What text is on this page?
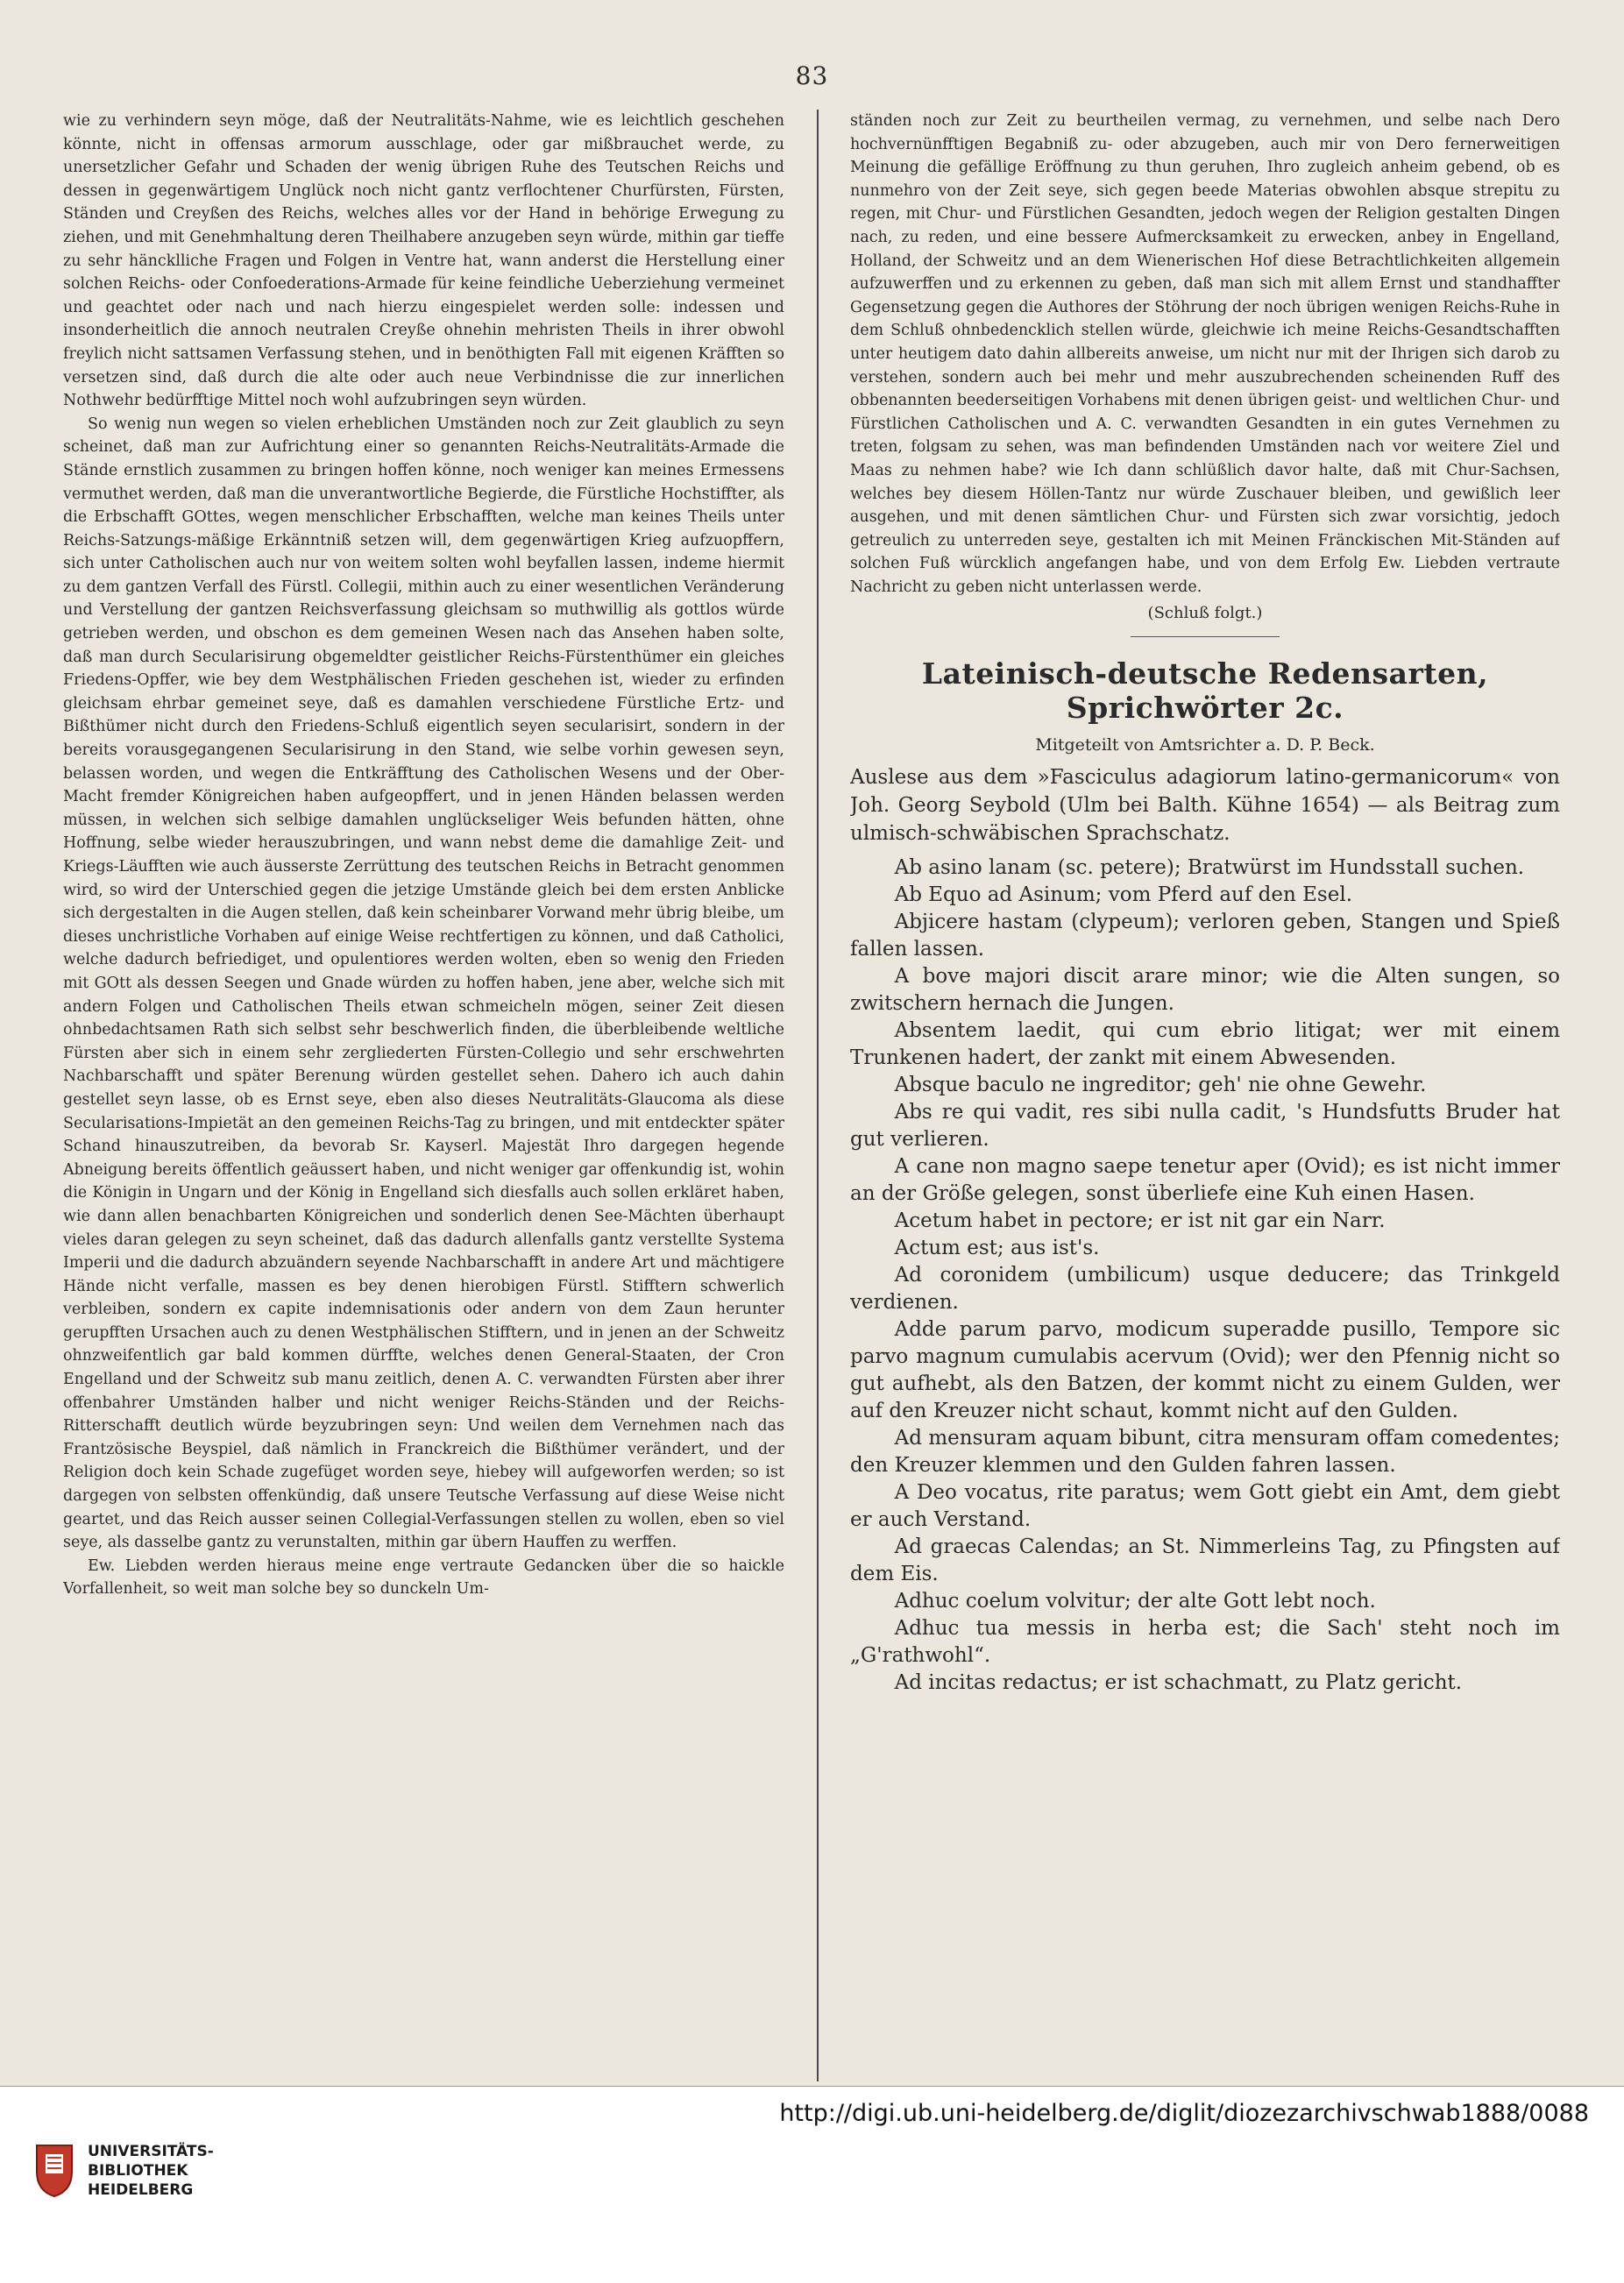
83

wie zu verhindern seyn möge, daß der Neutralitäts-Nahme, wie es leichtlich geschehen könnte, nicht in offensas armorum ausschlage, oder gar mißbrauchet werde, zu unersetzlicher Gefahr und Schaden der wenig übrigen Ruhe des Teutschen Reichs und dessen in gegenwärtigem Unglück noch nicht gantz verflochtener Churfürsten, Fürsten, Ständen und Creyßen des Reichs, welches alles vor der Hand in behörige Erwegung zu ziehen, und mit Genehmhaltung deren Theilhabere anzugeben seyn würde, mithin gar tieffe zu sehr häncklliche Fragen und Folgen in Ventre hat, wann anderst die Herstellung einer solchen Reichs- oder Confoederations-Armade für keine feindliche Ueberziehung vermeinet und geachtet oder nach und nach hierzu eingespielet werden solle: indessen und insonderheitlich die annoch neutralen Creyße ohnehin mehristen Theils in ihrer obwohl freylich nicht sattsamen Verfassung stehen, und in benöthigten Fall mit eigenen Kräfften so versetzen sind, daß durch die alte oder auch neue Verbindnisse die zur innerlichen Nothwehr bedürfftige Mittel noch wohl aufzubringen seyn würden.

So wenig nun wegen so vielen erheblichen Umständen noch zur Zeit glaublich zu seyn scheinet, daß man zur Aufrichtung einer so genannten Reichs-Neutralitäts-Armade die Stände ernstlich zusammen zu bringen hoffen könne, noch weniger kan meines Ermessens vermuthet werden, daß man die unverantwortliche Begierde, die Fürstliche Hochstiffter, als die Erbschafft GOttes, wegen menschlicher Erbschafften, welche man keines Theils unter Reichs-Satzungs-mäßige Erkänntniß setzen will, dem gegenwärtigen Krieg aufzuopffern, sich unter Catholischen auch nur von weitem solten wohl beyfallen lassen, indeme hiermit zu dem gantzen Verfall des Fürstl. Collegii, mithin auch zu einer wesentlichen Veränderung und Verstellung der gantzen Reichsverfassung gleichsam so muthwillig als gottlos würde getrieben werden, und obschon es dem gemeinen Wesen nach das Ansehen haben solte, daß man durch Secularisirung obgemeldter geistlicher Reichs-Fürstenthümer ein gleiches Friedens-Opffer, wie bey dem Westphälischen Frieden geschehen ist, wieder zu erfinden gleichsam ehrbar gemeinet seye, daß es damahlen verschiedene Fürstliche Ertz- und Bißthümer nicht durch den Friedens-Schluß eigentlich seyen secularisirt, sondern in der bereits vorausgegangenen Secularisirung in den Stand, wie selbe vorhin gewesen seyn, belassen worden, und wegen die Entkräfftung des Catholischen Wesens und der Ober-Macht fremder Königreichen haben aufgeopffert, und in jenen Händen belassen werden müssen, in welchen sich selbige damahlen unglückseliger Weis befunden hätten, ohne Hoffnung, selbe wieder herauszubringen, und wann nebst deme die damahlige Zeit- und Kriegs-Läufften wie auch äusserste Zerrüttung des teutschen Reichs in Betracht genommen wird, so wird der Unterschied gegen die jetzige Umstände gleich bei dem ersten Anblicke sich dergestalten in die Augen stellen, daß kein scheinbarer Vorwand mehr übrig bleibe, um dieses unchristliche Vorhaben auf einige Weise rechtfertigen zu können, und daß Catholici, welche dadurch befriediget, und opulentiores werden wolten, eben so wenig den Frieden mit GOtt als dessen Seegen und Gnade würden zu hoffen haben, jene aber, welche sich mit andern Folgen und Catholischen Theils etwan schmeicheln mögen, seiner Zeit diesen ohnbedachtsamen Rath sich selbst sehr beschwerlich finden, die überbleibende weltliche Fürsten aber sich in einem sehr zergliederten Fürsten-Collegio und sehr erschwehrten Nachbarschafft und später Berenung würden gestellet sehen. Dahero ich auch dahin gestellet seyn lasse, ob es Ernst seye, eben also dieses Neutralitäts-Glaucoma als diese Secularisations-Impietät an den gemeinen Reichs-Tag zu bringen, und mit entdeckter später Schand hinauszutreiben, da bevorab Sr. Kayserl. Majestät Ihro dargegen hegende Abneigung bereits öffentlich geäussert haben, und nicht weniger gar offenkundig ist, wohin die Königin in Ungarn und der König in Engelland sich diesfalls auch sollen erkläret haben, wie dann allen benachbarten Königreichen und sonderlich denen See-Mächten überhaupt vieles daran gelegen zu seyn scheinet, daß das dadurch allenfalls gantz verstellte Systema Imperii und die dadurch abzuändern seyende Nachbarschafft in andere Art und mächtigere Hände nicht verfalle, massen es bey denen hierobigen Fürstl. Stifftern schwerlich verbleiben, sondern ex capite indemnisationis oder andern von dem Zaun herunter gerupfften Ursachen auch zu denen Westphälischen Stifftern, und in jenen an der Schweitz ohnzweifentlich gar bald kommen dürffte, welches denen General-Staaten, der Cron Engelland und der Schweitz sub manu zeitlich, denen A. C. verwandten Fürsten aber ihrer offenbahrer Umständen halber und nicht weniger Reichs-Ständen und der Reichs-Ritterschafft deutlich würde beyzubringen seyn: Und weilen dem Vernehmen nach das Frantzösische Beyspiel, daß nämlich in Franckreich die Bißthümer verändert, und der Religion doch kein Schade zugefüget worden seye, hiebey will aufgeworfen werden; so ist dargegen von selbsten offenkündig, daß unsere Teutsche Verfassung auf diese Weise nicht geartet, und das Reich ausser seinen Collegial-Verfassungen stellen zu wollen, eben so viel seye, als dasselbe gantz zu verunstalten, mithin gar übern Hauffen zu werffen.

Ew. Liebden werden hieraus meine enge vertraute Gedancken über die so haickle Vorfallenheit, so weit man solche bey so dunckeln Um-

ständen noch zur Zeit zu beurtheilen vermag, zu vernehmen, und selbe nach Dero hochvernünfftigen Begabniß zu- oder abzugeben, auch mir von Dero fernerweitigen Meinung die gefällige Eröffnung zu thun geruhen, Ihro zugleich anheim gebend, ob es nunmehro von der Zeit seye, sich gegen beede Materias obwohlen absque strepitu zu regen, mit Chur- und Fürstlichen Gesandten, jedoch wegen der Religion gestalten Dingen nach, zu reden, und eine bessere Aufmercksamkeit zu erwecken, anbey in Engelland, Holland, der Schweitz und an dem Wienerischen Hof diese Betrachtlichkeiten allgemein aufzuwerffen und zu erkennen zu geben, daß man sich mit allem Ernst und standhaffter Gegensetzung gegen die Authores der Stöhrung der noch übrigen wenigen Reichs-Ruhe in dem Schluß ohnbedencklich stellen würde, gleichwie ich meine Reichs-Gesandtschafften unter heutigem dato dahin allbereits anweise, um nicht nur mit der Ihrigen sich darob zu verstehen, sondern auch bei mehr und mehr auszubrechenden scheinenden Ruff des obbenannten beederseitigen Vorhabens mit denen übrigen geist- und weltlichen Chur- und Fürstlichen Catholischen und A. C. verwandten Gesandten in ein gutes Vernehmen zu treten, folgsam zu sehen, was man befindenden Umständen nach vor weitere Ziel und Maas zu nehmen habe? wie Ich dann schlüßlich davor halte, daß mit Chur-Sachsen, welches bey diesem Höllen-Tantz nur würde Zuschauer bleiben, und gewißlich leer ausgehen, und mit denen sämtlichen Chur- und Fürsten sich zwar vorsichtig, jedoch getreulich zu unterreden seye, gestalten ich mit Meinen Fränckischen Mit-Ständen auf solchen Fuß würcklich angefangen habe, und von dem Erfolg Ew. Liebden vertraute Nachricht zu geben nicht unterlassen werde.

(Schluß folgt.)
Lateinisch-deutsche Redensarten, Sprichwörter 2c.
Mitgeteilt von Amtsrichter a. D. P. Beck.

Auslese aus dem »Fasciculus adagiorum latino-germanicorum« von Joh. Georg Seybold (Ulm bei Balth. Kühne 1654) — als Beitrag zum ulmisch-schwäbischen Sprachschatz.

Ab asino lanam (sc. petere); Bratwürst im Hundsstall suchen.

Ab Equo ad Asinum; vom Pferd auf den Esel.

Abjicere hastam (clypeum); verloren geben, Stangen und Spieß fallen lassen.

A bove majori discit arare minor; wie die Alten sungen, so zwitschern hernach die Jungen.

Absentem laedit, qui cum ebrio litigat; wer mit einem Trunkenen hadert, der zankt mit einem Abwesenden.

Absque baculo ne ingreditor; geh' nie ohne Gewehr.

Abs re qui vadit, res sibi nulla cadit, 's Hundsfutts Bruder hat gut verlieren.

A cane non magno saepe tenetur aper (Ovid); es ist nicht immer an der Größe gelegen, sonst überliefe eine Kuh einen Hasen.

Acetum habet in pectore; er ist nit gar ein Narr.

Actum est; aus ist's.

Ad coronidem (umbilicum) usque deducere; das Trinkgeld verdienen.

Adde parum parvo, modicum superadde pusillo, Tempore sic parvo magnum cumulabis acervum (Ovid); wer den Pfennig nicht so gut aufhebt, als den Batzen, der kommt nicht zu einem Gulden, wer auf den Kreuzer nicht schaut, kommt nicht auf den Gulden.

Ad mensuram aquam bibunt, citra mensuram offam comedentes; den Kreuzer klemmen und den Gulden fahren lassen.

A Deo vocatus, rite paratus; wem Gott giebt ein Amt, dem giebt er auch Verstand.

Ad graecas Calendas; an St. Nimmerleins Tag, zu Pfingsten auf dem Eis.

Adhuc coelum volvitur; der alte Gott lebt noch.

Adhuc tua messis in herba est; die Sach' steht noch im „G'rathwohl“.

Ad incitas redactus; er ist schachmatt, zu Platz gericht.

UNIVERSITÄTS-
BIBLIOTHEK
HEIDELBERG
http://digi.ub.uni-heidelberg.de/diglit/diozezarchivschwab1888/0088
